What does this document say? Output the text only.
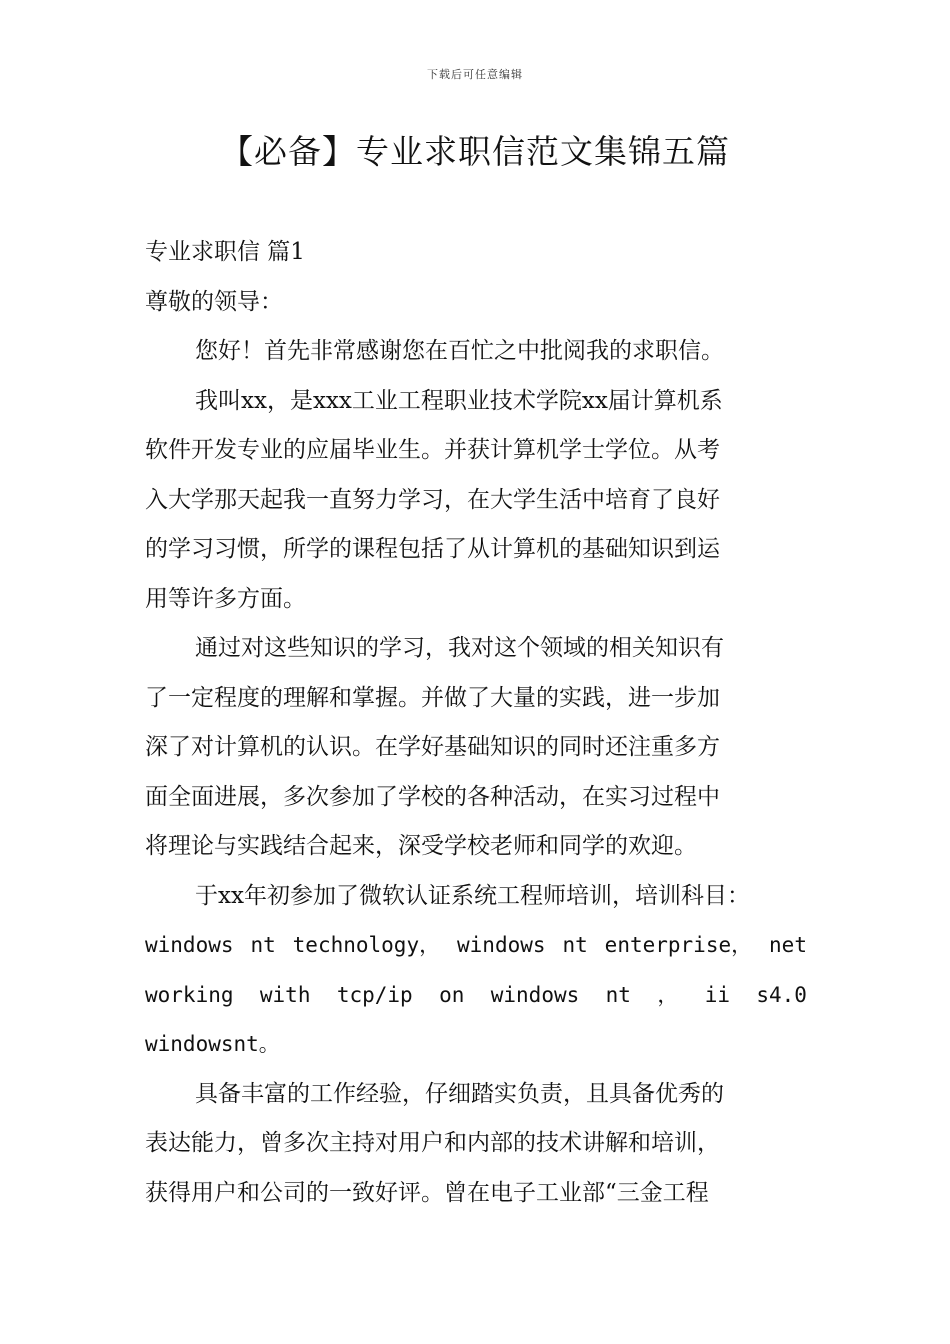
下载后可任意编辑
【必备】专业求职信范文集锦五篇

专业求职信 篇1

尊敬的领导：

您好！首先非常感谢您在百忙之中批阅我的求职信。

我叫xx，是xxx工业工程职业技术学院xx届计算机系
软件开发专业的应届毕业生。并获计算机学士学位。从考
入大学那天起我一直努力学习，在大学生活中培育了良好
的学习习惯，所学的课程包括了从计算机的基础知识到运
用等许多方面。
通过对这些知识的学习，我对这个领域的相关知识有
了一定程度的理解和掌握。并做了大量的实践，进一步加
深了对计算机的认识。在学好基础知识的同时还注重多方
面全面进展，多次参加了学校的各种活动，在实习过程中
将理论与实践结合起来，深受学校老师和同学的欢迎。
于xx年初参加了微软认证系统工程师培训，培训科目：
windows nt technology， windows nt enterprise， net
working with tcp/ip on windows nt ， ii s4.0
windowsnt。
具备丰富的工作经验，仔细踏实负责，且具备优秀的
表达能力，曾多次主持对用户和内部的技术讲解和培训，
获得用户和公司的一致好评。曾在电子工业部“三金工程
